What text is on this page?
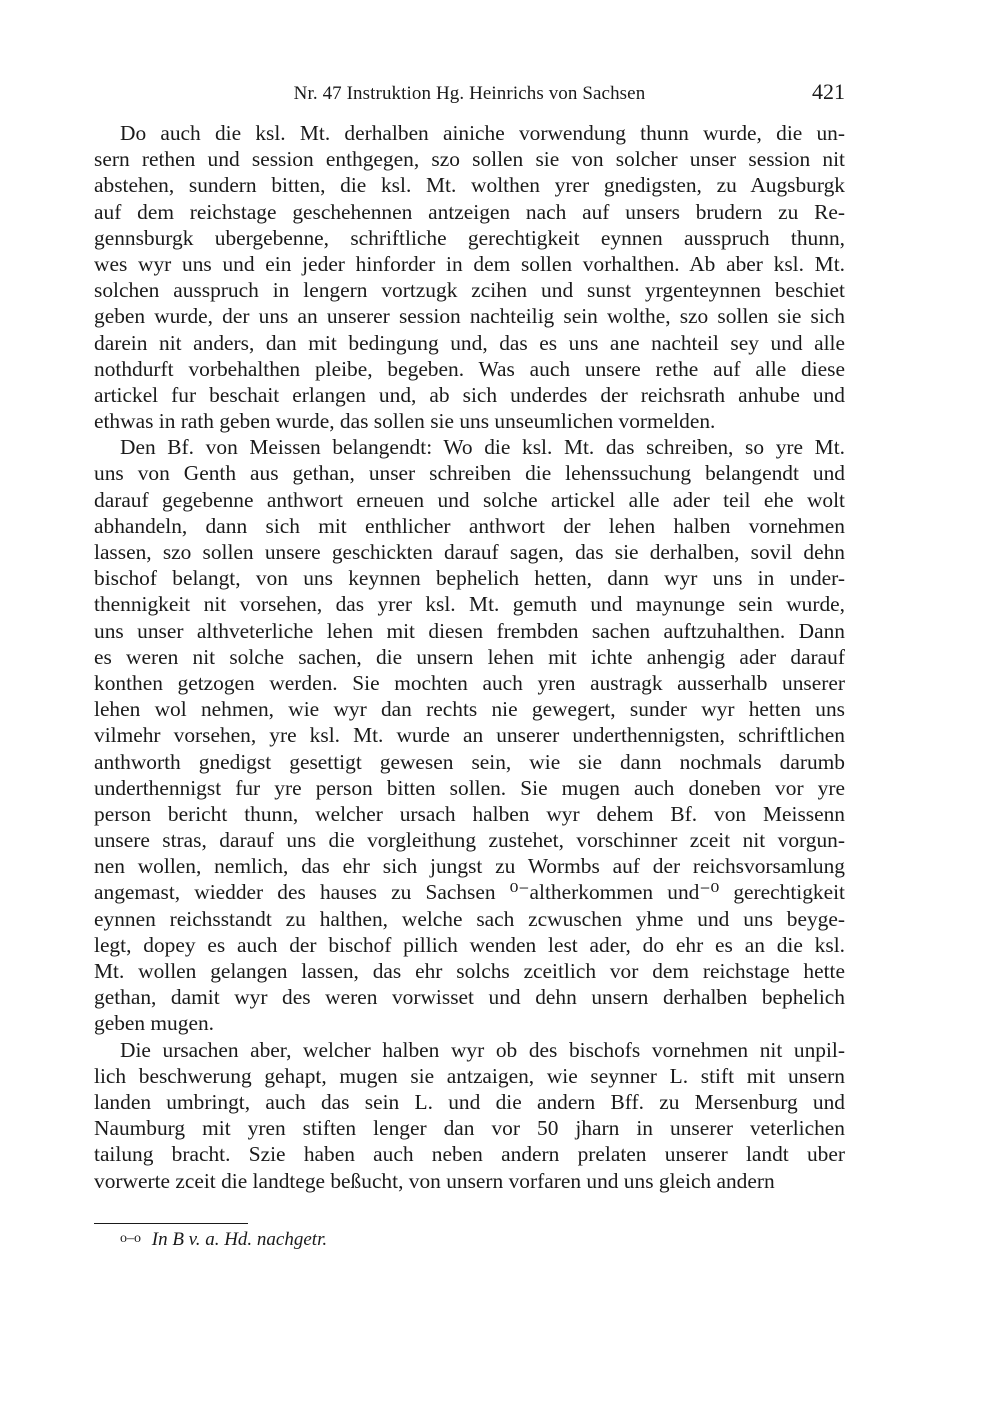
Nr. 47 Instruktion Hg. Heinrichs von Sachsen	421
Do auch die ksl. Mt. derhalben ainiche vorwendung thunn wurde, die un-
sern rethen und session enthgegen, szo sollen sie von solcher unser session nit
abstehen, sundern bitten, die ksl. Mt. wolthen yrer gnedigsten, zu Augsburgk
auf dem reichstage geschehennen antzeigen nach auf unsers brudern zu Re-
gennsburgk ubergebenne, schriftliche gerechtigkeit eynnen ausspruch thunn,
wes wyr uns und ein jeder hinforder in dem sollen vorhalthen. Ab aber ksl. Mt.
solchen ausspruch in lengern vortzugk zcihen und sunst yrgenteynnen beschiet
geben wurde, der uns an unserer session nachteilig sein wolthe, szo sollen sie sich
darein nit anders, dan mit bedingung und, das es uns ane nachteil sey und alle
nothdurft vorbehalthen pleibe, begeben. Was auch unsere rethe auf alle diese
artickel fur beschait erlangen und, ab sich underdes der reichsrath anhube und
ethwas in rath geben wurde, das sollen sie uns unseumlichen vormelden.
Den Bf. von Meissen belangendt: Wo die ksl. Mt. das schreiben, so yre Mt.
uns von Genth aus gethan, unser schreiben die lehenssuchung belangendt und
darauf gegebenne anthwort erneuen und solche artickel alle ader teil ehe wolt
abhandeln, dann sich mit enthlicher anthwort der lehen halben vornehmen
lassen, szo sollen unsere geschickten darauf sagen, das sie derhalben, sovil dehn
bischof belangt, von uns keynnen bephelich hetten, dann wyr uns in under-
thennigkeit nit vorsehen, das yrer ksl. Mt. gemuth und maynunge sein wurde,
uns unser althveterliche lehen mit diesen frembden sachen auftzuhalthen. Dann
es weren nit solche sachen, die unsern lehen mit ichte anhengig ader darauf
konthen getzogen werden. Sie mochten auch yren austragk ausserhalb unserer
lehen wol nehmen, wie wyr dan rechts nie gewegert, sunder wyr hetten uns
vilmehr vorsehen, yre ksl. Mt. wurde an unserer underthennigsten, schriftlichen
anthworth gnedigst gesettigt gewesen sein, wie sie dann nochmals darumb
underthennigst fur yre person bitten sollen. Sie mugen auch doneben vor yre
person bericht thunn, welcher ursach halben wyr dehem Bf. von Meissenn
unsere stras, darauf uns die vorgleithung zustehet, vorschinner zceit nit vorgun-
nen wollen, nemlich, das ehr sich jungst zu Wormbs auf der reichsvorsamlung
angemast, wiedder des hauses zu Sachsen ⁰⁻altherkommen und⁻⁰ gerechtigkeit
eynnen reichsstandt zu halthen, welche sach zcwuschen yhme und uns beyge-
legt, dopey es auch der bischof pillich wenden lest ader, do ehr es an die ksl.
Mt. wollen gelangen lassen, das ehr solchs zceitlich vor dem reichstage hette
gethan, damit wyr des weren vorwisset und dehn unsern derhalben bephelich
geben mugen.
Die ursachen aber, welcher halben wyr ob des bischofs vornehmen nit unpil-
lich beschwerung gehapt, mugen sie antzaigen, wie seynner L. stift mit unsern
landen umbringt, auch das sein L. und die andern Bff. zu Mersenburg und
Naumburg mit yren stiften lenger dan vor 50 jharn in unserer veterlichen
tailung bracht. Szie haben auch neben andern prelaten unserer landt uber
vorwerte zceit die landtege beßucht, von unsern vorfaren und uns gleich andern
o–o In B v. a. Hd. nachgetr.
